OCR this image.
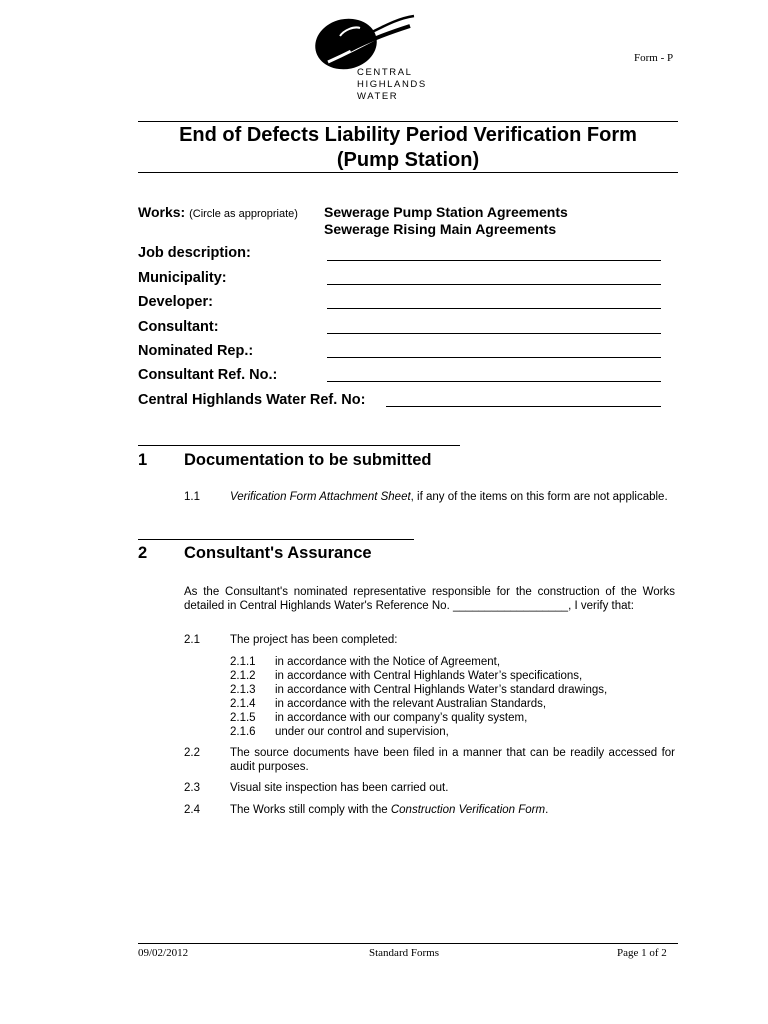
CENTRAL
HIGHLANDS
WATER
Form - P
End of Defects Liability Period Verification Form
(Pump Station)
Works: (Circle as appropriate) Sewerage Pump Station Agreements
Sewerage Rising Main Agreements
Job description:
Municipality:
Developer:
Consultant:
Nominated Rep.:
Consultant Ref. No.:
Central Highlands Water Ref. No:
1 Documentation to be submitted
1.1	Verification Form Attachment Sheet, if any of the items on this form are not applicable.
2 Consultant's Assurance
As the Consultant's nominated representative responsible for the construction of the Works detailed in Central Highlands Water's Reference No. __________________, I verify that:
2.1	The project has been completed:
2.1.1 in accordance with the Notice of Agreement,
2.1.2 in accordance with Central Highlands Water’s specifications,
2.1.3 in accordance with Central Highlands Water’s standard drawings,
2.1.4 in accordance with the relevant Australian Standards,
2.1.5 in accordance with our company’s quality system,
2.1.6 under our control and supervision,
2.2	The source documents have been filed in a manner that can be readily accessed for audit purposes.
2.3	Visual site inspection has been carried out.
2.4	The Works still comply with the Construction Verification Form.
09/02/2012	Standard Forms	Page 1 of 2
